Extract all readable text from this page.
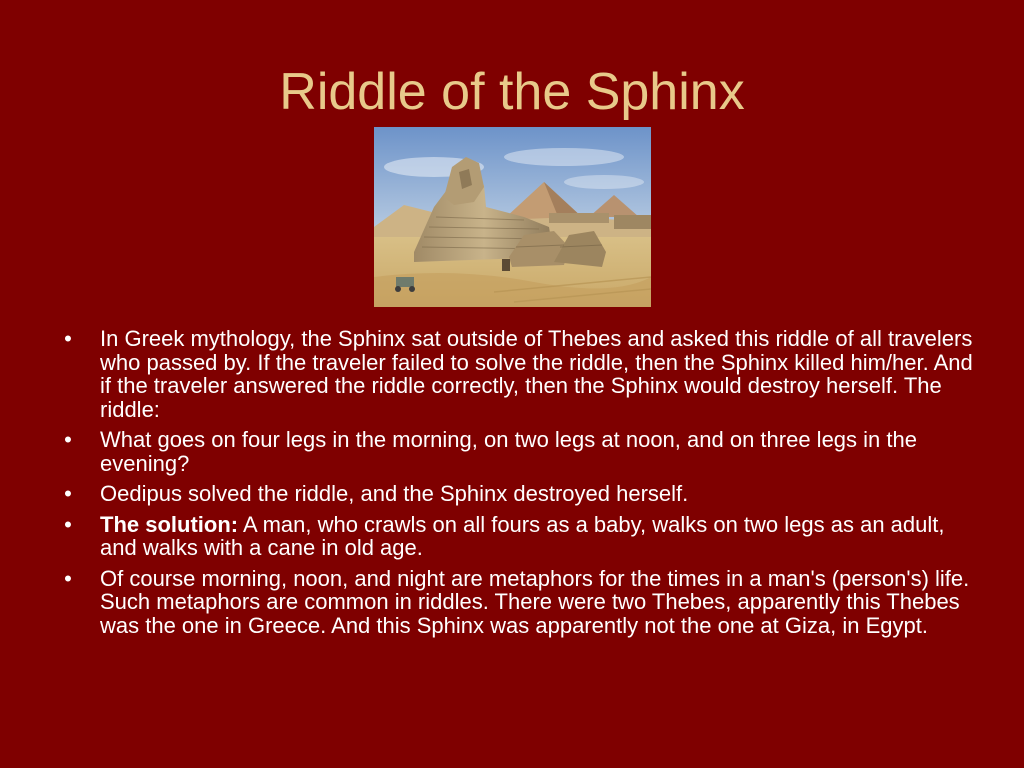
Riddle of the Sphinx
• In Greek mythology, the Sphinx sat outside of Thebes and asked this riddle of all travelers who passed by. If the traveler failed to solve the riddle, then the Sphinx killed him/her. And if the traveler answered the riddle correctly, then the Sphinx would destroy herself. The riddle:
• What goes on four legs in the morning, on two legs at noon, and on three legs in the evening?
• Oedipus solved the riddle, and the Sphinx destroyed herself.
• The solution: A man, who crawls on all fours as a baby, walks on two legs as an adult, and walks with a cane in old age.
• Of course morning, noon, and night are metaphors for the times in a man's (person's) life. Such metaphors are common in riddles. There were two Thebes, apparently this Thebes was the one in Greece. And this Sphinx was apparently not the one at Giza, in Egypt.
